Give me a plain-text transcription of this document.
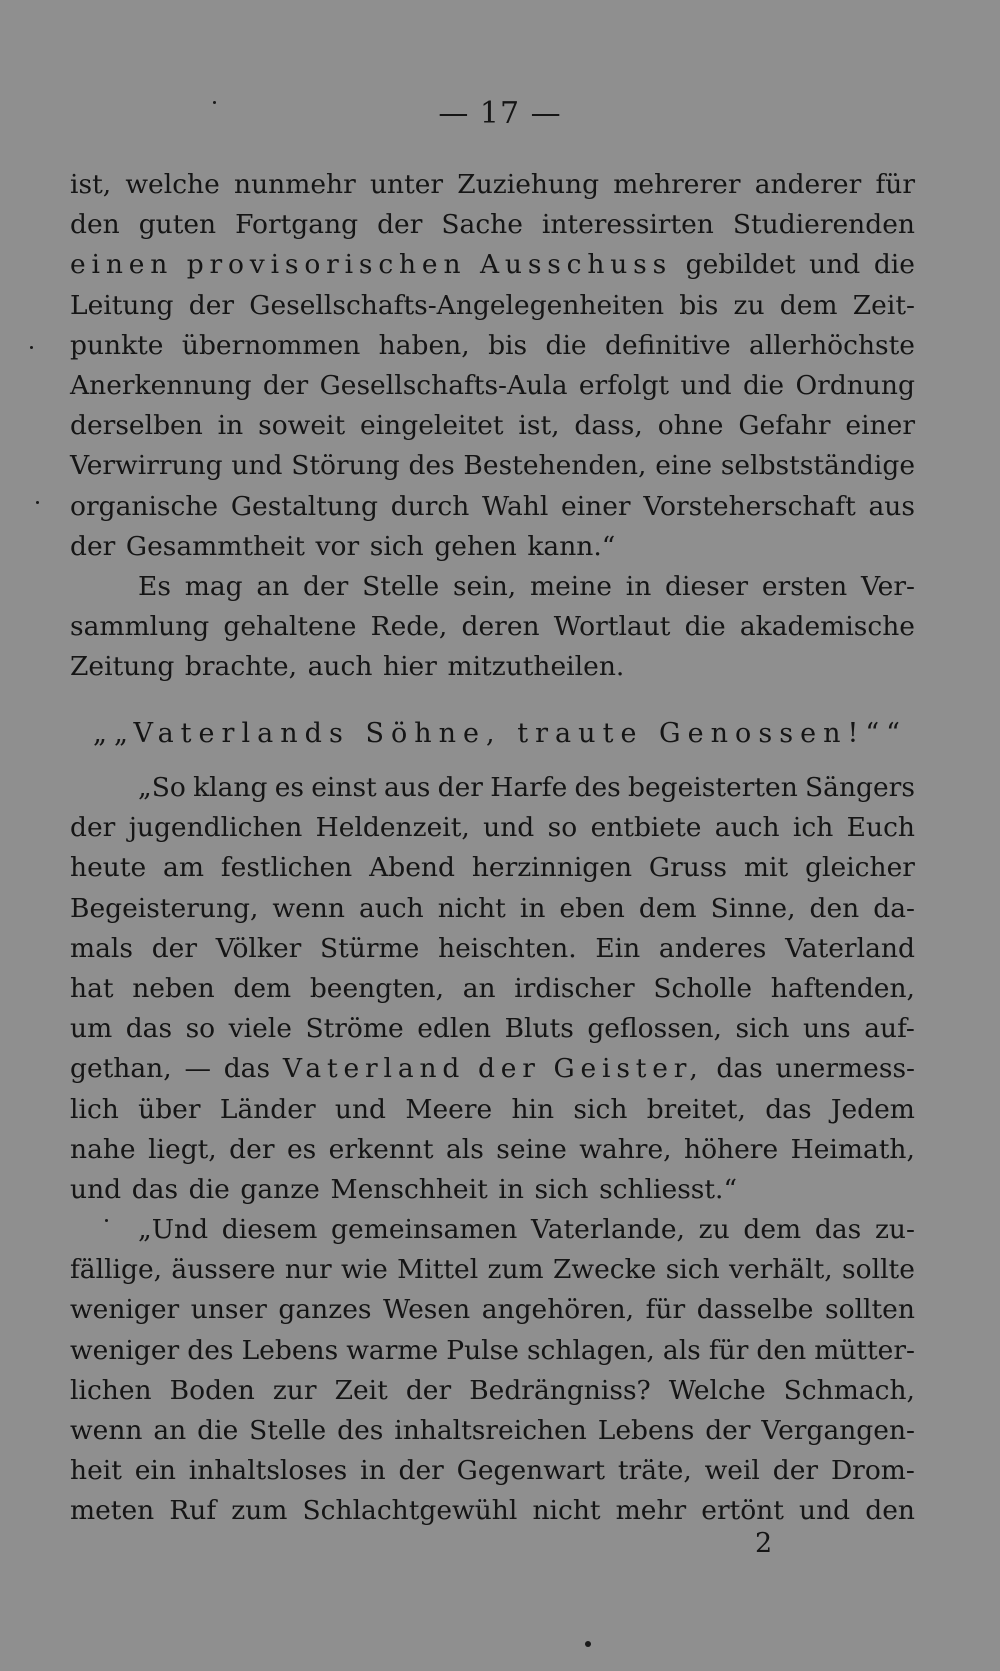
— 17 —
ist, welche nunmehr unter Zuziehung mehrerer anderer für
den guten Fortgang der Sache interessirten Studierenden
einen provisorischen Ausschuss gebildet und die
Leitung der Gesellschafts-Angelegenheiten bis zu dem Zeit-
punkte übernommen haben, bis die definitive allerhöchste
Anerkennung der Gesellschafts-Aula erfolgt und die Ordnung
derselben in soweit eingeleitet ist, dass, ohne Gefahr einer
Verwirrung und Störung des Bestehenden, eine selbstständige
organische Gestaltung durch Wahl einer Vorsteherschaft aus
der Gesammtheit vor sich gehen kann.“
Es mag an der Stelle sein, meine in dieser ersten Ver-
sammlung gehaltene Rede, deren Wortlaut die akademische
Zeitung brachte, auch hier mitzutheilen.
„„Vaterlands Söhne, traute Genossen!““
„So klang es einst aus der Harfe des begeisterten Sängers
der jugendlichen Heldenzeit, und so entbiete auch ich Euch
heute am festlichen Abend herzinnigen Gruss mit gleicher
Begeisterung, wenn auch nicht in eben dem Sinne, den da-
mals der Völker Stürme heischten. Ein anderes Vaterland
hat neben dem beengten, an irdischer Scholle haftenden,
um das so viele Ströme edlen Bluts geflossen, sich uns auf-
gethan, — das Vaterland der Geister, das unermess-
lich über Länder und Meere hin sich breitet, das Jedem
nahe liegt, der es erkennt als seine wahre, höhere Heimath,
und das die ganze Menschheit in sich schliesst.“
„Und diesem gemeinsamen Vaterlande, zu dem das zu-
fällige, äussere nur wie Mittel zum Zwecke sich verhält, sollte
weniger unser ganzes Wesen angehören, für dasselbe sollten
weniger des Lebens warme Pulse schlagen, als für den mütter-
lichen Boden zur Zeit der Bedrängniss? Welche Schmach,
wenn an die Stelle des inhaltsreichen Lebens der Vergangen-
heit ein inhaltsloses in der Gegenwart träte, weil der Drom-
meten Ruf zum Schlachtgewühl nicht mehr ertönt und den
2
